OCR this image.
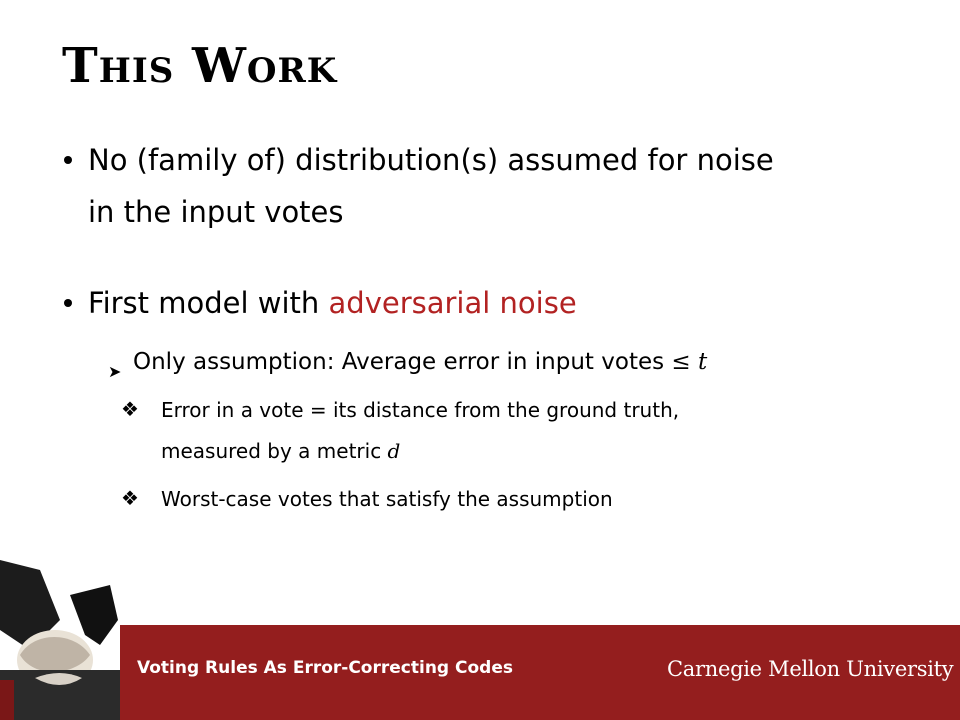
This Work
No (family of) distribution(s) assumed for noise
in the input votes
First model with adversarial noise
➤ Only assumption: Average error in input votes ≤ t
❖ Error in a vote = its distance from the ground truth,
measured by a metric d
❖ Worst-case votes that satisfy the assumption
Voting Rules As Error-Correcting Codes	Carnegie Mellon University
